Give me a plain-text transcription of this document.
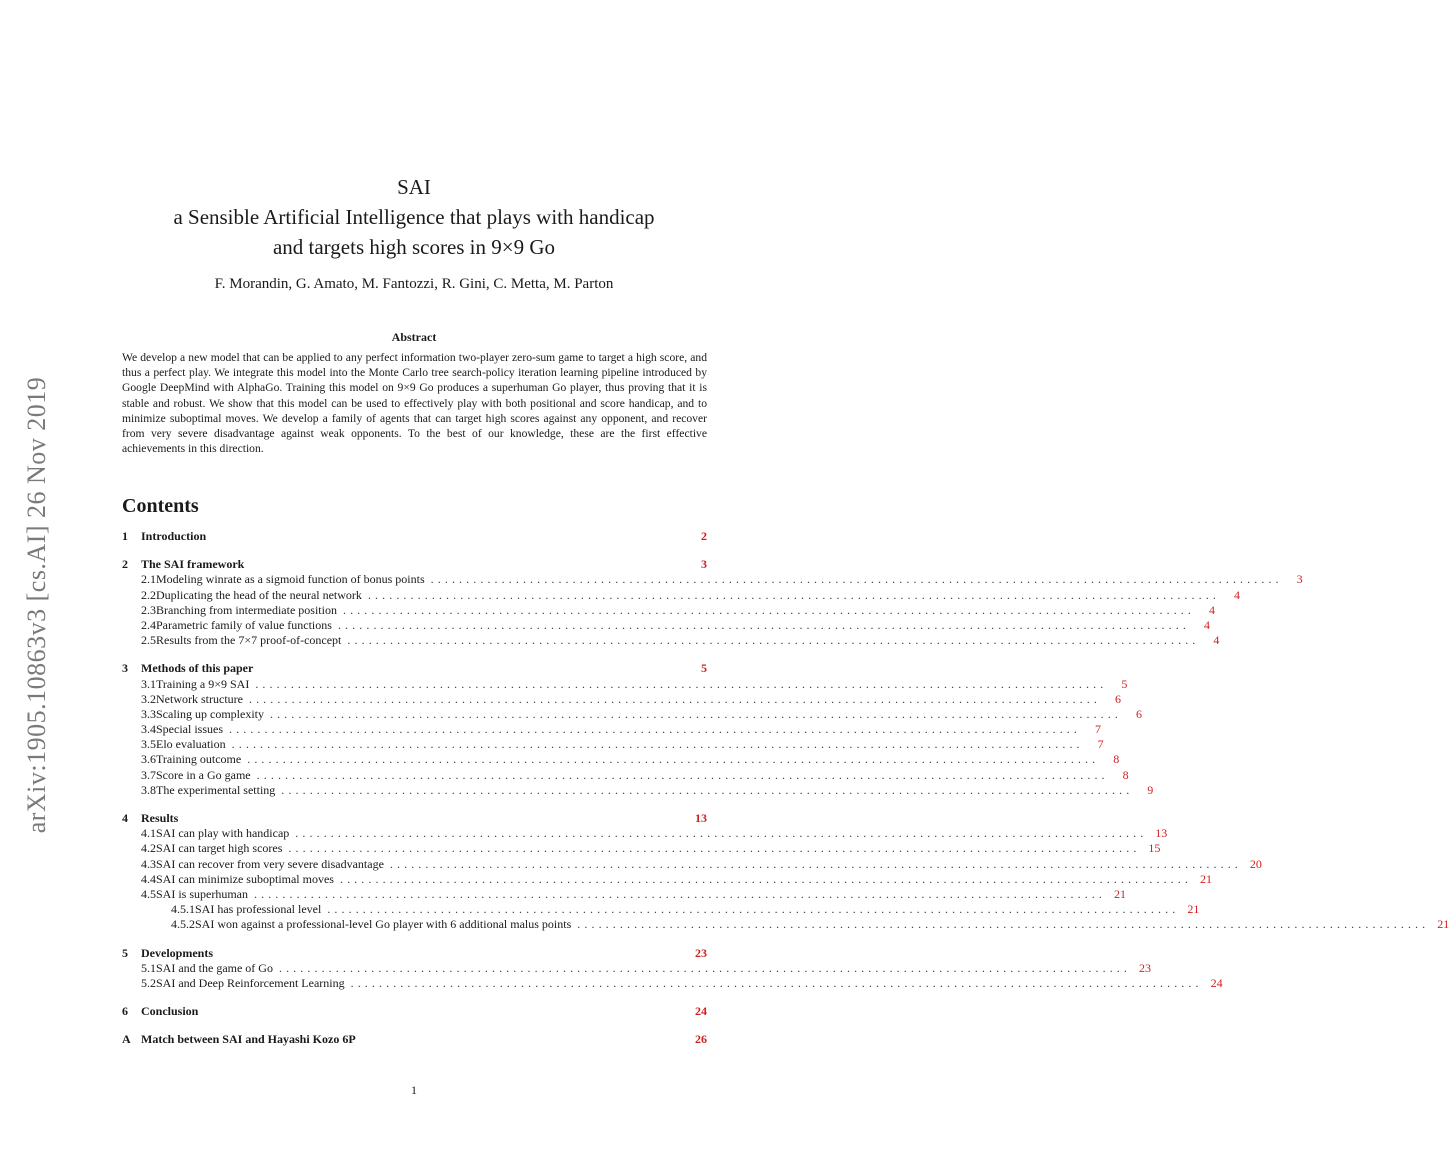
arXiv:1905.10863v3 [cs.AI] 26 Nov 2019
SAI
a Sensible Artificial Intelligence that plays with handicap
and targets high scores in 9×9 Go
F. Morandin, G. Amato, M. Fantozzi, R. Gini, C. Metta, M. Parton
Abstract
We develop a new model that can be applied to any perfect information two-player zero-sum game to target a high score, and thus a perfect play. We integrate this model into the Monte Carlo tree search-policy iteration learning pipeline introduced by Google DeepMind with AlphaGo. Training this model on 9×9 Go produces a superhuman Go player, thus proving that it is stable and robust. We show that this model can be used to effectively play with both positional and score handicap, and to minimize suboptimal moves. We develop a family of agents that can target high scores against any opponent, and recover from very severe disadvantage against weak opponents. To the best of our knowledge, these are the first effective achievements in this direction.
Contents
1	Introduction	2
2	The SAI framework	3
2.1 Modeling winrate as a sigmoid function of bonus points ........................................................................................................................	3
2.2 Duplicating the head of the neural network ........................................................................................................................	4
2.3 Branching from intermediate position ........................................................................................................................	4
2.4 Parametric family of value functions ........................................................................................................................	4
2.5 Results from the 7×7 proof-of-concept ........................................................................................................................	4
3	Methods of this paper	5
3.1 Training a 9×9 SAI ........................................................................................................................	5
3.2 Network structure ........................................................................................................................	6
3.3 Scaling up complexity ........................................................................................................................	6
3.4 Special issues ........................................................................................................................	7
3.5 Elo evaluation ........................................................................................................................	7
3.6 Training outcome ........................................................................................................................	8
3.7 Score in a Go game ........................................................................................................................	8
3.8 The experimental setting ........................................................................................................................	9
4	Results	13
4.1 SAI can play with handicap ........................................................................................................................ 13
4.2 SAI can target high scores ........................................................................................................................ 15
4.3 SAI can recover from very severe disadvantage ........................................................................................................................ 20
4.4 SAI can minimize suboptimal moves ........................................................................................................................ 21
4.5 SAI is superhuman ........................................................................................................................ 21
4.5.1 SAI has professional level ........................................................................................................................ 21
4.5.2 SAI won against a professional-level Go player with 6 additional malus points ........................................................................................................................ 21
5	Developments	23
5.1 SAI and the game of Go ........................................................................................................................ 23
5.2 SAI and Deep Reinforcement Learning ........................................................................................................................ 24
6	Conclusion	24
A Match between SAI and Hayashi Kozo 6P	26
1
